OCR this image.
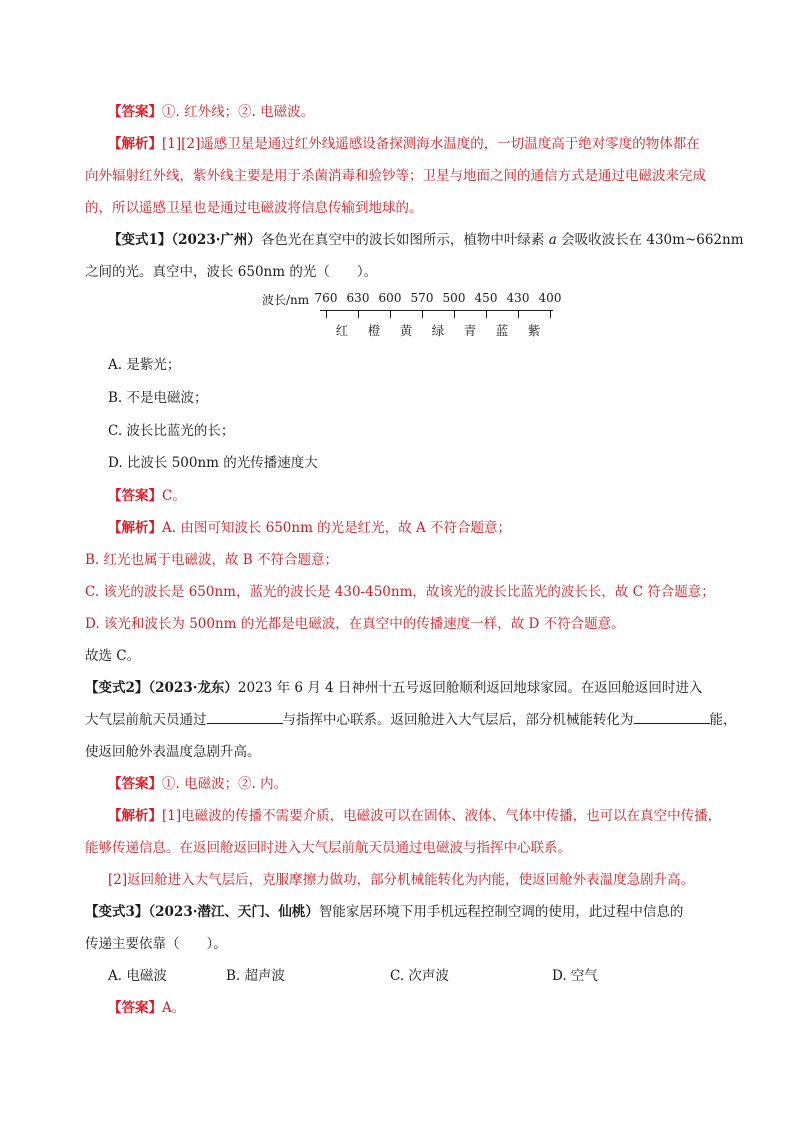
【答案】①. 红外线；②. 电磁波。
【解析】[1][2]遥感卫星是通过红外线遥感设备探测海水温度的，一切温度高于绝对零度的物体都在
向外辐射红外线，紫外线主要是用于杀菌消毒和验钞等；卫星与地面之间的通信方式是通过电磁波来完成
的，所以遥感卫星也是通过电磁波将信息传输到地球的。
【变式1】（2023·广州）各色光在真空中的波长如图所示，植物中叶绿素 a 会吸收波长在 430m~662nm
之间的光。真空中，波长 650nm 的光（　　）。
波长/nm 760 630 600 570 500 450 430 400
红 橙 黄 绿 青 蓝 紫
A. 是紫光；
B. 不是电磁波；
C. 波长比蓝光的长；
D. 比波长 500nm 的光传播速度大
【答案】C。
【解析】A. 由图可知波长 650nm 的光是红光，故 A 不符合题意；
B. 红光也属于电磁波，故 B 不符合题意；
C. 该光的波长是 650nm，蓝光的波长是 430-450nm，故该光的波长比蓝光的波长长，故 C 符合题意；
D. 该光和波长为 500nm 的光都是电磁波，在真空中的传播速度一样，故 D 不符合题意。
故选 C。
【变式2】（2023·龙东）2023 年 6 月 4 日神州十五号返回舱顺利返回地球家园。在返回舱返回时进入
大气层前航天员通过	与指挥中心联系。返回舱进入大气层后，部分机械能转化为	能，
使返回舱外表温度急剧升高。
【答案】①. 电磁波；②. 内。
【解析】[1]电磁波的传播不需要介质，电磁波可以在固体、液体、气体中传播，也可以在真空中传播，
能够传递信息。在返回舱返回时进入大气层前航天员通过电磁波与指挥中心联系。
[2]返回舱进入大气层后，克服摩擦力做功，部分机械能转化为内能，使返回舱外表温度急剧升高。
【变式3】（2023·潜江、天门、仙桃）智能家居环境下用手机远程控制空调的使用，此过程中信息的
传递主要依靠（　　）。
A. 电磁波	B. 超声波	C. 次声波	D. 空气
【答案】A。
